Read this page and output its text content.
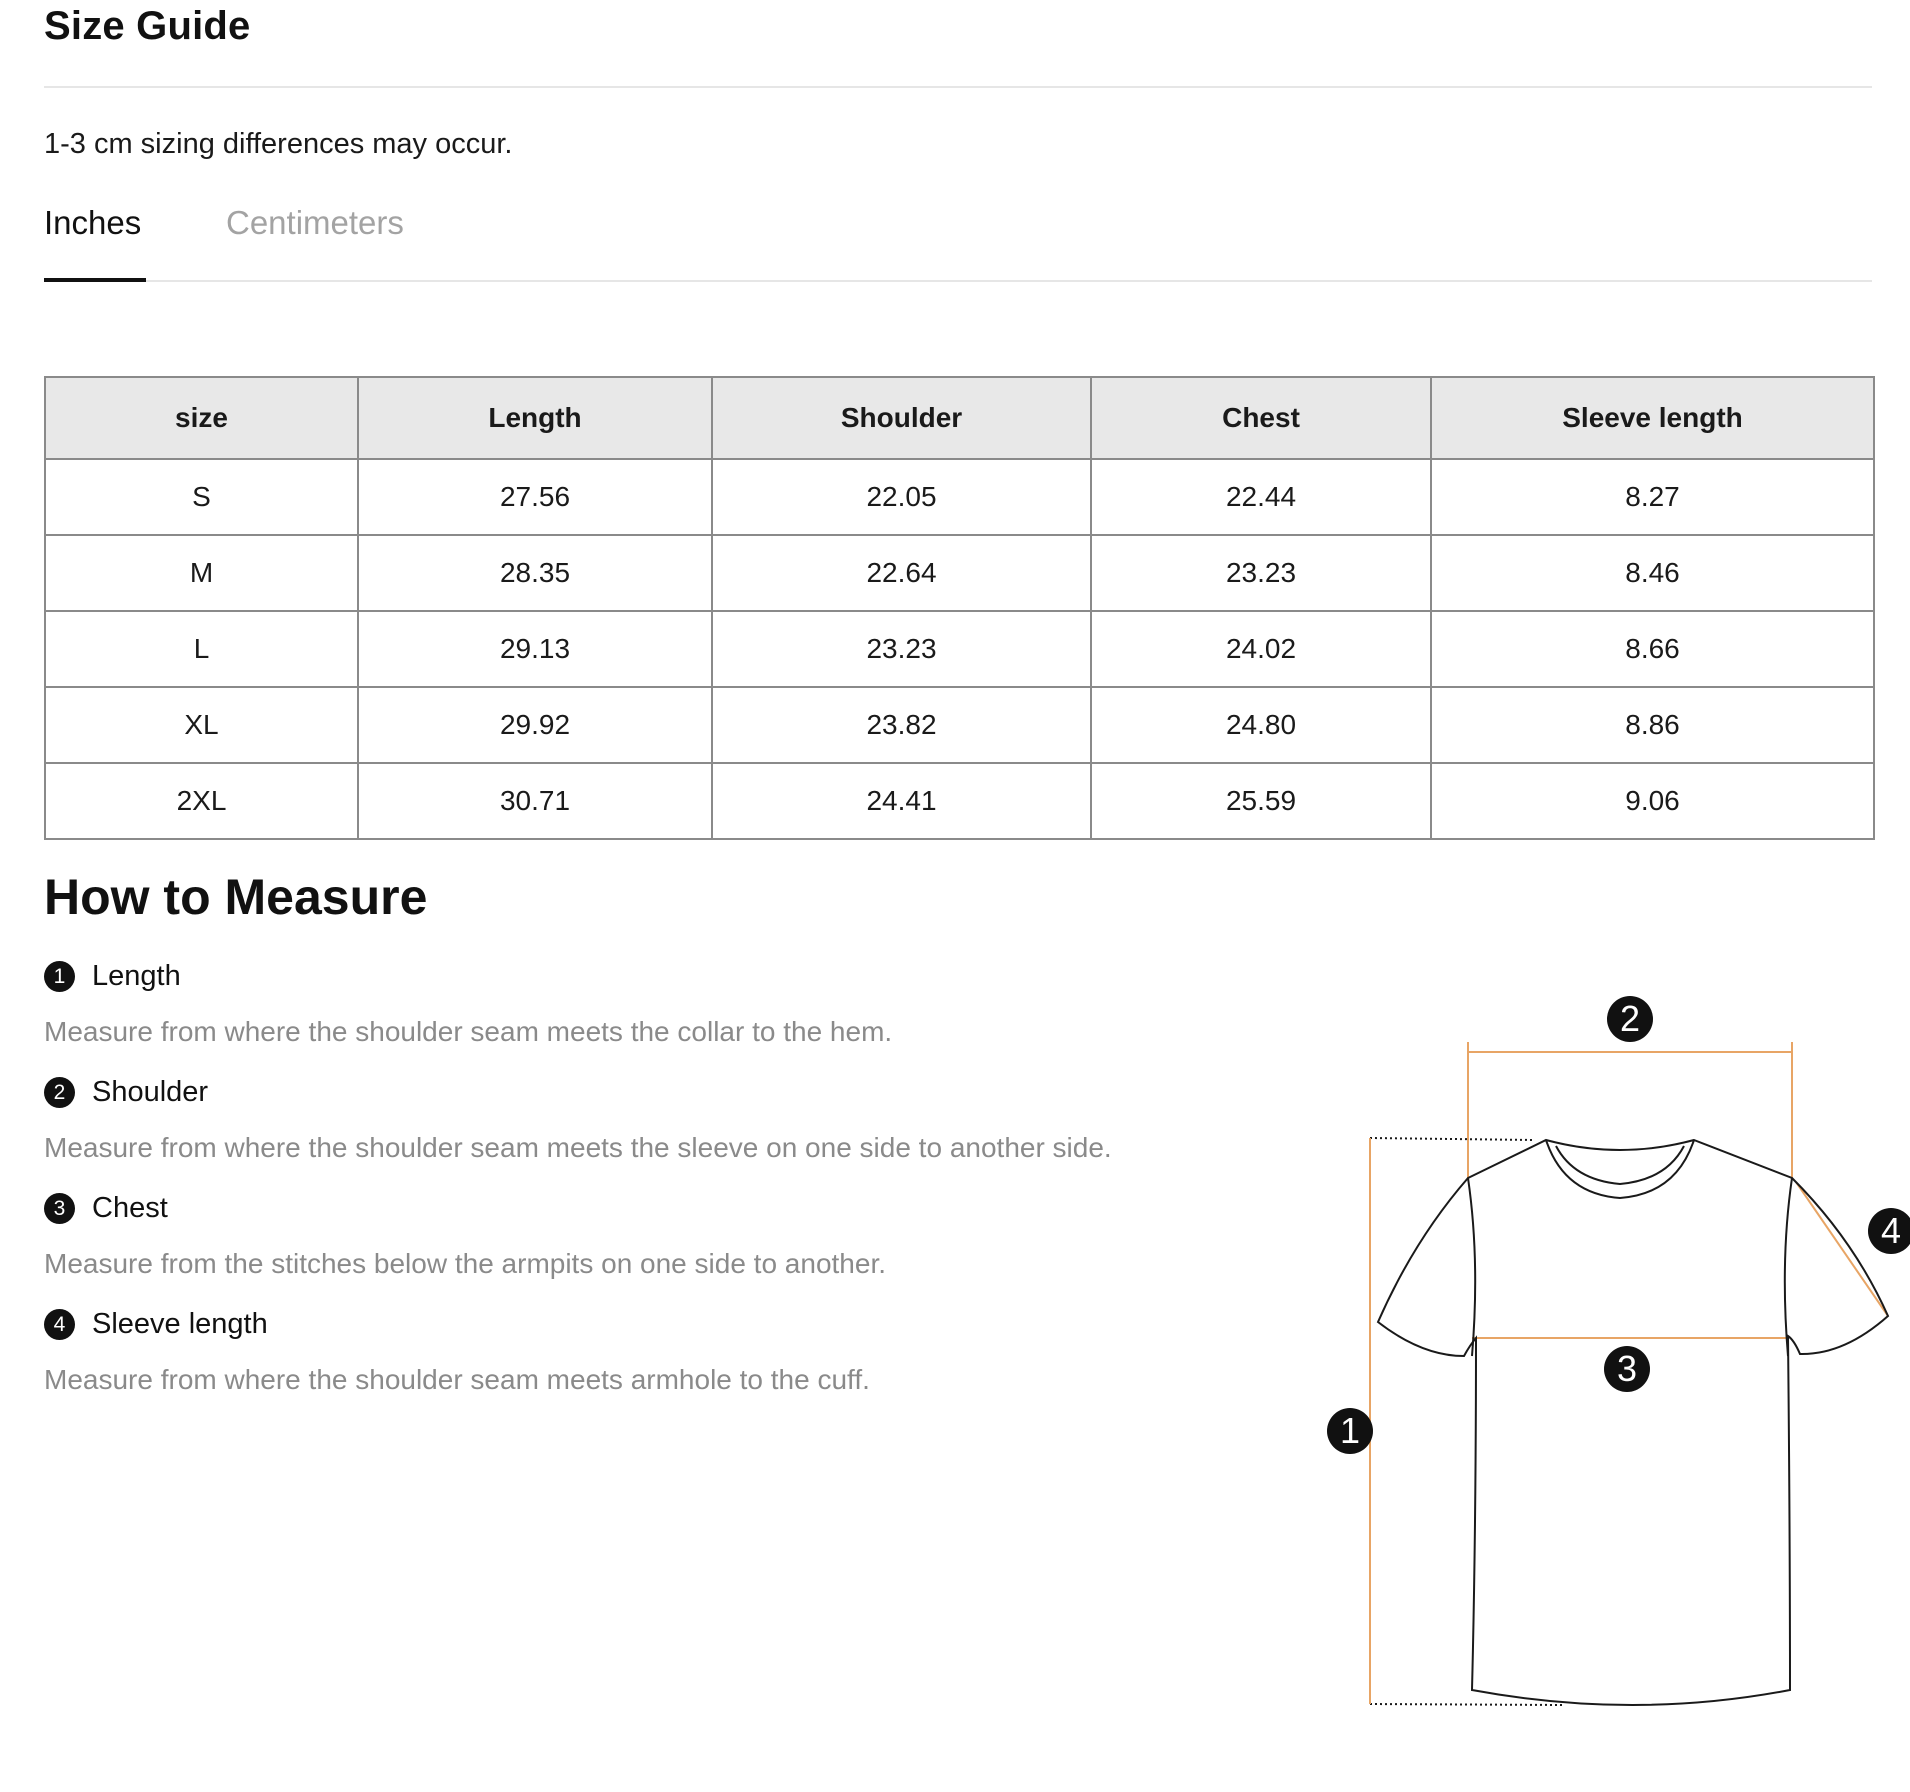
Size Guide
1-3 cm sizing differences may occur.
Inches	Centimeters
size	Length	Shoulder	Chest	Sleeve length
S	27.56	22.05	22.44	8.27
M	28.35	22.64	23.23	8.46
L	29.13	23.23	24.02	8.66
XL	29.92	23.82	24.80	8.86
2XL	30.71	24.41	25.59	9.06
How to Measure
1 Length
Measure from where the shoulder seam meets the collar to the hem.
2 Shoulder
Measure from where the shoulder seam meets the sleeve on one side to another side.
3 Chest
Measure from the stitches below the armpits on one side to another.
4 Sleeve length
Measure from where the shoulder seam meets armhole to the cuff.
1
2
3
4
